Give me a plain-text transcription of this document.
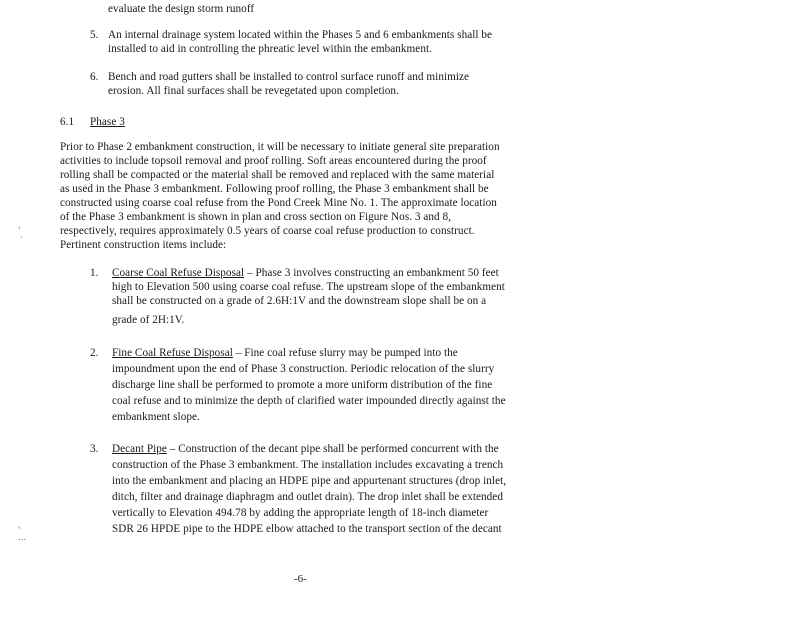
evaluate the design storm runoff
5. An internal drainage system located within the Phases 5 and 6 embankments shall be
installed to aid in controlling the phreatic level within the embankment.
6. Bench and road gutters shall be installed to control surface runoff and minimize
erosion. All final surfaces shall be revegetated upon completion.
6.1 Phase 3
Prior to Phase 2 embankment construction, it will be necessary to initiate general site preparation
activities to include topsoil removal and proof rolling. Soft areas encountered during the proof
rolling shall be compacted or the material shall be removed and replaced with the same material
as used in the Phase 3 embankment. Following proof rolling, the Phase 3 embankment shall be
constructed using coarse coal refuse from the Pond Creek Mine No. 1. The approximate location
of the Phase 3 embankment is shown in plan and cross section on Figure Nos. 3 and 8,
respectively, requires approximately 0.5 years of coarse coal refuse production to construct.
Pertinent construction items include:
1. Coarse Coal Refuse Disposal – Phase 3 involves constructing an embankment 50 feet
high to Elevation 500 using coarse coal refuse. The upstream slope of the embankment
shall be constructed on a grade of 2.6H:1V and the downstream slope shall be on a
grade of 2H:1V.
2. Fine Coal Refuse Disposal – Fine coal refuse slurry may be pumped into the
impoundment upon the end of Phase 3 construction. Periodic relocation of the slurry
discharge line shall be performed to promote a more uniform distribution of the fine
coal refuse and to minimize the depth of clarified water impounded directly against the
embankment slope.
3. Decant Pipe – Construction of the decant pipe shall be performed concurrent with the
construction of the Phase 3 embankment. The installation includes excavating a trench
into the embankment and placing an HDPE pipe and appurtenant structures (drop inlet,
ditch, filter and drainage diaphragm and outlet drain). The drop inlet shall be extended
vertically to Elevation 494.78 by adding the appropriate length of 18-inch diameter
SDR 26 HPDE pipe to the HDPE elbow attached to the transport section of the decant
‘
⋅
‘
⋯
-6-
